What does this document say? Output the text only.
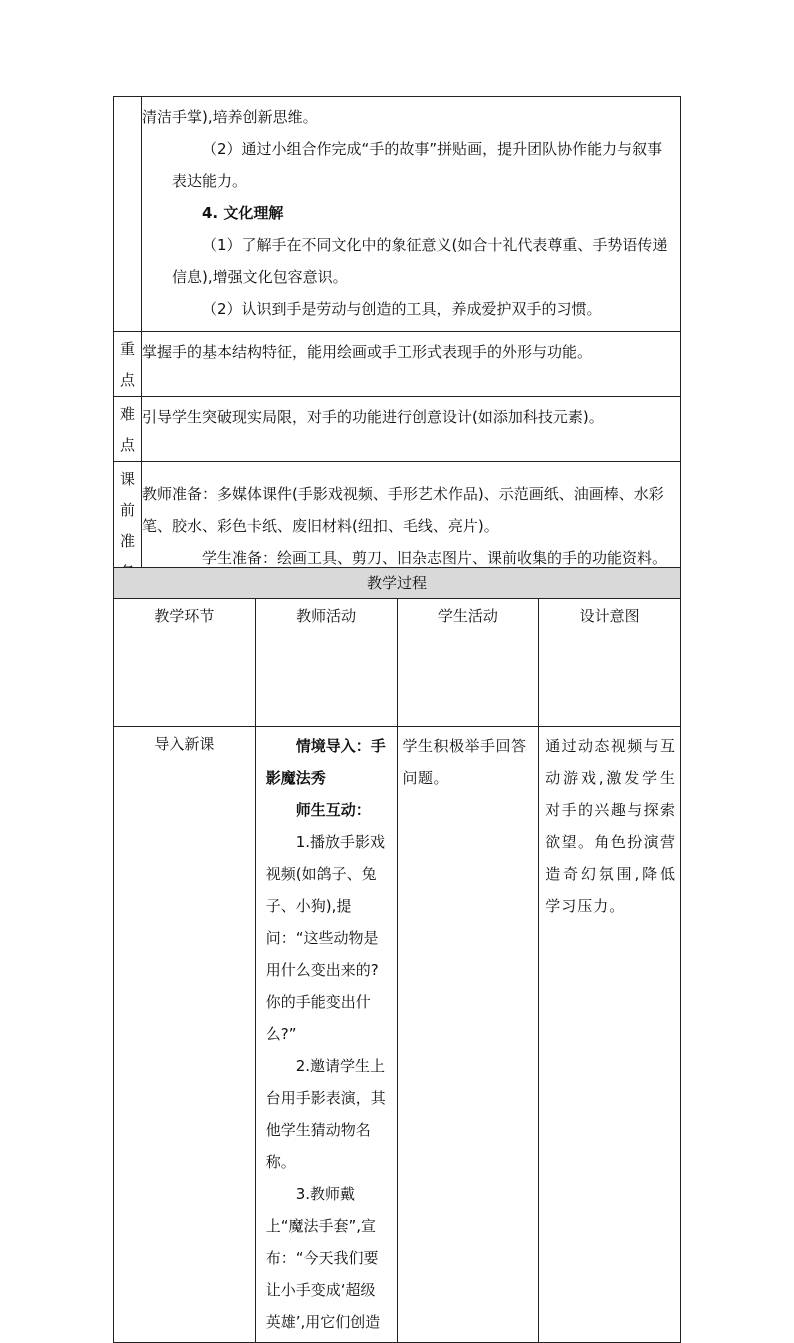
	清洁手掌),培养创新思维。

（2）通过小组合作完成“手的故事”拼贴画，提升团队协作能力与叙事表达能力。

4. 文化理解

（1）了解手在不同文化中的象征意义(如合十礼代表尊重、手势语传递信息),增强文化包容意识。

（2）认识到手是劳动与创造的工具，养成爱护双手的习惯。

重点	掌握手的基本结构特征，能用绘画或手工形式表现手的外形与功能。

难点	引导学生突破现实局限，对手的功能进行创意设计(如添加科技元素)。

课前准	教师准备：多媒体课件(手影戏视频、手形艺术作品)、示范画纸、油画棒、水彩笔、胶水、彩色卡纸、废旧材料(纽扣、毛线、亮片)。

学生准备：绘画工具、剪刀、旧杂志图片、课前收集的手的功能资料。

教学过程			
教学环节	教师活动	学生活动	设计意图
导入新课	情境导入：手影魔法秀

师生互动：

1.播放手影戏视频(如鸽子、兔子、小狗),提问：“这些动物是用什么变出来的?你的手能变出什么?”

2.邀请学生上台用手影表演，其他学生猜动物名称。

3.教师戴上“魔法手套”,宣布：“今天我们要让小手变成‘超级英雄’,用它们创造	学生积极举手回答问题。	通过动态视频与互动游戏,激发学生对手的兴趣与探索欲望。角色扮演营造奇幻氛围,降低学习压力。
